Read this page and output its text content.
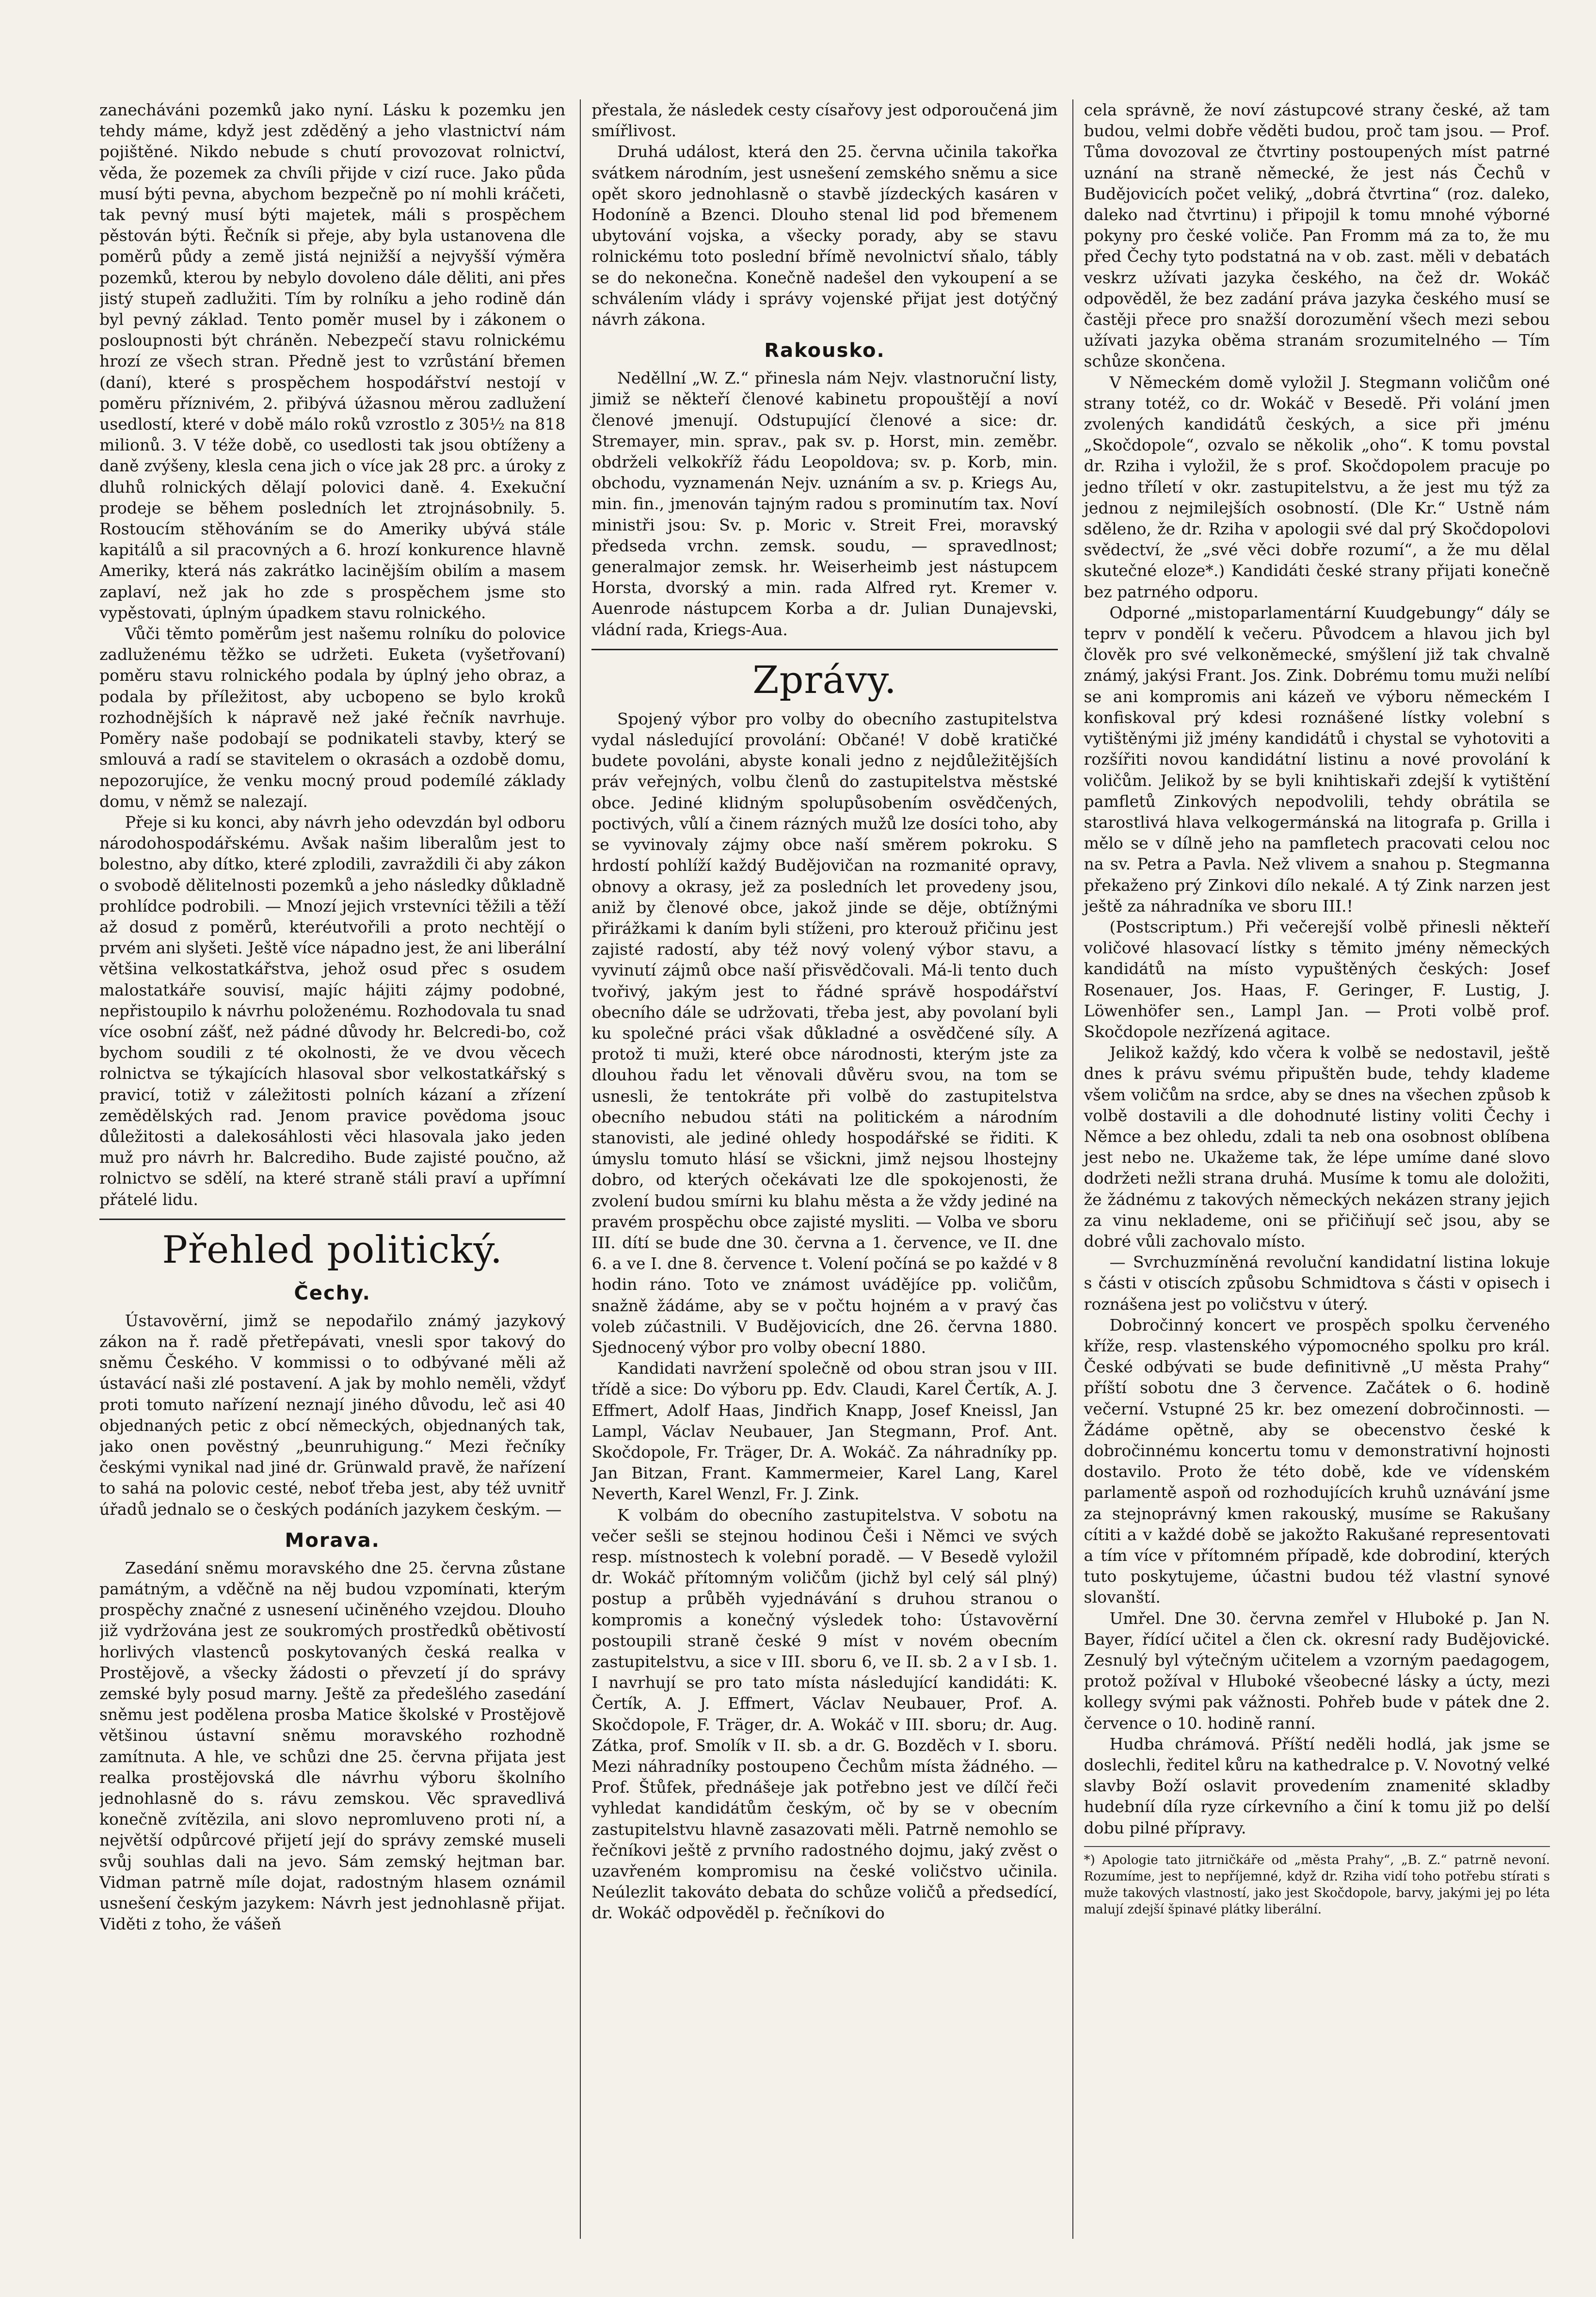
zanecháváni pozemků jako nyní. Lásku k pozemku jen tehdy máme, když jest zděděný a jeho vlastnictví nám pojištěné. Nikdo nebude s chutí provozovat rolnictví, věda, že pozemek za chvíli přijde v cizí ruce. Jako půda musí býti pevna, abychom bezpečně po ní mohli kráčeti, tak pevný musí býti majetek, máli s prospěchem pěstován býti. Řečník si přeje, aby byla ustanovena dle poměrů půdy a země jistá nejnižší a nejvyšší výměra pozemků, kterou by nebylo dovoleno dále děliti, ani přes jistý stupeň zadlužiti. Tím by rolníku a jeho rodině dán byl pevný základ. Tento poměr musel by i zákonem o posloupnosti být chráněn. Nebezpečí stavu rolnickému hrozí ze všech stran. Předně jest to vzrůstání břemen (daní), které s prospěchem hospodářství nestojí v poměru příznivém, 2. přibývá úžasnou měrou zadlužení usedlostí, které v době málo roků vzrostlo z 305½ na 818 milionů. 3. V téže době, co usedlosti tak jsou obtíženy a daně zvýšeny, klesla cena jich o více jak 28 prc. a úroky z dluhů rolnických dělají polovici daně. 4. Exekuční prodeje se během posledních let ztrojnásobnily. 5. Rostoucím stěhováním se do Ameriky ubývá stále kapitálů a sil pracovných a 6. hrozí konkurence hlavně Ameriky, která nás zakrátko lacinějším obilím a masem zaplaví, než jak ho zde s prospěchem jsme sto vypěstovati, úplným úpadkem stavu rolnického.

Vůči těmto poměrům jest našemu rolníku do polovice zadluženému těžko se udržeti. Euketa (vyšetřovaní) poměru stavu rolnického podala by úplný jeho obraz, a podala by příležitost, aby ucbopeno se bylo kroků rozhodnějších k nápravě než jaké řečník navrhuje. Poměry naše podobají se podnikateli stavby, který se smlouvá a radí se stavitelem o okrasách a ozdobě domu, nepozorujíce, že venku mocný proud podemílé základy domu, v němž se nalezají.

Přeje si ku konci, aby návrh jeho odevzdán byl odboru národohospodářskému. Avšak našim liberalům jest to bolestno, aby dítko, které zplodili, zavraždili či aby zákon o svobodě dělitelnosti pozemků a jeho následky důkladně prohlídce podrobili. — Mnozí jejich vrstevníci těžili a těží až dosud z poměrů, kteréutvořili a proto nechtějí o prvém ani slyšeti. Ještě více nápadno jest, že ani liberální většina velkostatkářstva, jehož osud přec s osudem malostatkáře souvisí, majíc hájiti zájmy podobné, nepřistoupilo k návrhu položenému. Rozhodovala tu snad více osobní zášť, než pádné důvody hr. Belcredi-bo, což bychom soudili z té okolnosti, že ve dvou věcech rolnictva se týkajících hlasoval sbor velkostatkářský s pravicí, totiž v záležitosti polních kázaní a zřízení zemědělských rad. Jenom pravice povědoma jsouc důležitosti a dalekosáhlosti věci hlasovala jako jeden muž pro návrh hr. Balcrediho. Bude zajisté poučno, až rolnictvo se sdělí, na které straně stáli praví a upřímní přátelé lidu.

Přehled politický.
Čechy.

Ústavověrní, jimž se nepodařilo známý jazykový zákon na ř. radě přetřepávati, vnesli spor takový do sněmu Českého. V kommissi o to odbývané měli až ústavácí naši zlé postavení. A jak by mohlo neměli, vždyť proti tomuto nařízení neznají jiného důvodu, leč asi 40 objednaných petic z obcí německých, objednaných tak, jako onen pověstný „beunruhigung.“ Mezi řečníky českými vynikal nad jiné dr. Grünwald pravě, že nařízení to sahá na polovic cesté, neboť třeba jest, aby též uvnitř úřadů jednalo se o českých podáních jazykem českým. —

Morava.

Zasedání sněmu moravského dne 25. června zůstane památným, a vděčně na něj budou vzpomínati, kterým prospěchy značné z usnesení učiněného vzejdou. Dlouho již vydržována jest ze soukromých prostředků obětivostí horlivých vlastenců poskytovaných česká realka v Prostějově, a všecky žádosti o převzetí jí do správy zemské byly posud marny. Ještě za předešlého zasedání sněmu jest podělena prosba Matice školské v Prostějově většinou ústavní sněmu moravského rozhodně zamítnuta. A hle, ve schůzi dne 25. června přijata jest realka prostějovská dle návrhu výboru školního jednohlasně do s. rávu zemskou. Věc spravedlivá konečně zvítězila, ani slovo nepromluveno proti ní, a největší odpůrcové přijetí její do správy zemské museli svůj souhlas dali na jevo. Sám zemský hejtman bar. Vidman patrně míle dojat, radostným hlasem oznámil usnešení českým jazykem: Návrh jest jednohlasně přijat. Viděti z toho, že vášeň

přestala, že následek cesty císařovy jest odporoučená jim smířlivost.

Druhá událost, která den 25. června učinila takořka svátkem národním, jest usnešení zemského sněmu a sice opět skoro jednohlasně o stavbě jízdeckých kasáren v Hodoníně a Bzenci. Dlouho stenal lid pod břemenem ubytování vojska, a všecky porady, aby se stavu rolnickému toto poslední břímě nevolnictví sňalo, tábly se do nekonečna. Konečně nadešel den vykoupení a se schválením vlády i správy vojenské přijat jest dotýčný návrh zákona.

Rakousko.

Neděllní „W. Z.“ přinesla nám Nejv. vlastnoruční listy, jimiž se někteří členové kabinetu propouštějí a noví členové jmenují. Odstupující členové a sice: dr. Stremayer, min. sprav., pak sv. p. Horst, min. zeměbr. obdrželi velkokříž řádu Leopoldova; sv. p. Korb, min. obchodu, vyznamenán Nejv. uznáním a sv. p. Kriegs Au, min. fin., jmenován tajným radou s prominutím tax. Noví ministři jsou: Sv. p. Moric v. Streit Frei, moravský předseda vrchn. zemsk. soudu, — spravedlnost; generalmajor zemsk. hr. Weiserheimb jest nástupcem Horsta, dvorský a min. rada Alfred ryt. Kremer v. Auenrode nástupcem Korba a dr. Julian Dunajevski, vládní rada, Kriegs-Aua.

Zprávy.

Spojený výbor pro volby do obecního zastupitelstva vydal následující provolání: Občané! V době kratičké budete povoláni, abyste konali jedno z nejdůležitějších práv veřejných, volbu členů do zastupitelstva městské obce. Jediné klidným spolupůsobením osvědčených, poctivých, vůlí a činem rázných mužů lze dosíci toho, aby se vyvinovaly zájmy obce naší směrem pokroku. S hrdostí pohlíží každý Budějovičan na rozmanité opravy, obnovy a okrasy, jež za posledních let provedeny jsou, aniž by členové obce, jakož jinde se děje, obtížnými přirážkami k daním byli stíženi, pro kterouž přičinu jest zajisté radostí, aby též nový volený výbor stavu, a vyvinutí zájmů obce naší přisvědčovali. Má-li tento duch tvořivý, jakým jest to řádné správě hospodářství obecního dále se udržovati, třeba jest, aby povolaní byli ku společné práci však důkladné a osvědčené síly. A protož ti muži, které obce národnosti, kterým jste za dlouhou řadu let věnovali důvěru svou, na tom se usnesli, že tentokráte při volbě do zastupitelstva obecního nebudou státi na politickém a národním stanovisti, ale jediné ohledy hospodářské se řiditi. K úmyslu tomuto hlásí se všickni, jimž nejsou lhostejny dobro, od kterých očekávati lze dle spokojenosti, že zvolení budou smírni ku blahu města a že vždy jediné na pravém prospěchu obce zajisté mysliti. — Volba ve sboru III. dítí se bude dne 30. června a 1. července, ve II. dne 6. a ve I. dne 8. července t. Volení počíná se po každé v 8 hodin ráno. Toto ve známost uvádějíce pp. voličům, snažně žádáme, aby se v počtu hojném a v pravý čas voleb zúčastnili. V Budějovicích, dne 26. června 1880. Sjednocený výbor pro volby obecní 1880.

Kandidati navržení společně od obou stran jsou v III. třídě a sice: Do výboru pp. Edv. Claudi, Karel Čertík, A. J. Effmert, Adolf Haas, Jindřich Knapp, Josef Kneissl, Jan Lampl, Václav Neubauer, Jan Stegmann, Prof. Ant. Skočdopole, Fr. Träger, Dr. A. Wokáč. Za náhradníky pp. Jan Bitzan, Frant. Kammermeier, Karel Lang, Karel Neverth, Karel Wenzl, Fr. J. Zink.

K volbám do obecního zastupitelstva. V sobotu na večer sešli se stejnou hodinou Češi i Němci ve svých resp. místnostech k volební poradě. — V Besedě vyložil dr. Wokáč přítomným voličům (jichž byl celý sál plný) postup a průběh vyjednávání s druhou stranou o kompromis a konečný výsledek toho: Ústavověrní postoupili straně české 9 míst v novém obecním zastupitelstvu, a sice v III. sboru 6, ve II. sb. 2 a v I sb. 1. I navrhují se pro tato místa následující kandidáti: K. Čertík, A. J. Effmert, Václav Neubauer, Prof. A. Skočdopole, F. Träger, dr. A. Wokáč v III. sboru; dr. Aug. Zátka, prof. Smolík v II. sb. a dr. G. Bozděch v I. sboru. Mezi náhradníky postoupeno Čechům místa žádného. — Prof. Štůfek, přednášeje jak potřebno jest ve dílčí řeči vyhledat kandidátům českým, oč by se v obecním zastupitelstvu hlavně zasazovati měli. Patrně nemohlo se řečníkovi ještě z prvního radostného dojmu, jaký zvěst o uzavřeném kompromisu na české voličstvo učinila. Neúlezlit takováto debata do schůze voličů a předsedící, dr. Wokáč odpověděl p. řečníkovi do

cela správně, že noví zástupcové strany české, až tam budou, velmi dobře věděti budou, proč tam jsou. — Prof. Tůma dovozoval ze čtvrtiny postoupených míst patrné uznání na straně německé, že jest nás Čechů v Budějovicích počet veliký, „dobrá čtvrtina“ (roz. daleko, daleko nad čtvrtinu) i připojil k tomu mnohé výborné pokyny pro české voliče. Pan Fromm má za to, že mu před Čechy tyto podstatná na v ob. zast. měli v debatách veskrz užívati jazyka českého, na čež dr. Wokáč odpověděl, že bez zadání práva jazyka českého musí se častěji přece pro snažší dorozumění všech mezi sebou užívati jazyka oběma stranám srozumitelného — Tím schůze skončena.

V Německém domě vyložil J. Stegmann voličům oné strany totéž, co dr. Wokáč v Besedě. Při volání jmen zvolených kandidátů českých, a sice při jménu „Skočdopole“, ozvalo se několik „oho“. K tomu povstal dr. Rziha i vyložil, že s prof. Skočdopolem pracuje po jedno tříletí v okr. zastupitelstvu, a že jest mu týž za jednou z nejmilejších osobností. (Dle Kr.“ Ustně nám sděleno, že dr. Rziha v apologii své dal prý Skočdopolovi svědectví, že „své věci dobře rozumí“, a že mu dělal skutečné eloze*.) Kandidáti české strany přijati konečně bez patrného odporu.

Odporné „mistoparlamentární Kuudgebungy“ dály se teprv v pondělí k večeru. Původcem a hlavou jich byl člověk pro své velkoněmecké, smýšlení již tak chvalně známý, jakýsi Frant. Jos. Zink. Dobrému tomu muži nelíbí se ani kompromis ani kázeň ve výboru německém I konfiskoval prý kdesi roznášené lístky volební s vytištěnými již jmény kandidátů i chystal se vyhotoviti a rozšířiti novou kandidátní listinu a nové provolání k voličům. Jelikož by se byli knihtiskaři zdejší k vytištění pamfletů Zinkových nepodvolili, tehdy obrátila se starostlivá hlava velkogermánská na litografa p. Grilla i mělo se v dílně jeho na pamfletech pracovati celou noc na sv. Petra a Pavla. Než vlivem a snahou p. Stegmanna překaženo prý Zinkovi dílo nekalé. A tý Zink narzen jest ještě za náhradníka ve sboru III.!

(Postscriptum.) Při večerejší volbě přinesli někteří voličové hlasovací lístky s těmito jmény německých kandidátů na místo vypuštěných českých: Josef Rosenauer, Jos. Haas, F. Geringer, F. Lustig, J. Löwenhöfer sen., Lampl Jan. — Proti volbě prof. Skočdopole nezřízená agitace.

Jelikož každý, kdo včera k volbě se nedostavil, ještě dnes k právu svému připuštěn bude, tehdy klademe všem voličům na srdce, aby se dnes na všechen způsob k volbě dostavili a dle dohodnuté listiny voliti Čechy i Němce a bez ohledu, zdali ta neb ona osobnost oblíbena jest nebo ne. Ukažeme tak, že lépe umíme dané slovo dodržeti nežli strana druhá. Musíme k tomu ale doložiti, že žádnému z takových německých nekázen strany jejich za vinu neklademe, oni se přičiňují seč jsou, aby se dobré vůli zachovalo místo.

— Svrchuzmíněná revoluční kandidatní listina lokuje s části v otiscích způsobu Schmidtova s části v opisech i roznášena jest po voličstvu v úterý.

Dobročinný koncert ve prospěch spolku červeného kříže, resp. vlastenského výpomocného spolku pro král. České odbývati se bude definitivně „U města Prahy“ příští sobotu dne 3 července. Začátek o 6. hodině večerní. Vstupné 25 kr. bez omezení dobročinnosti. — Žádáme opětně, aby se obecenstvo české k dobročinnému koncertu tomu v demonstrativní hojnosti dostavilo. Proto že této době, kde ve vídenském parlamentě aspoň od rozhodujících kruhů uznávání jsme za stejnoprávný kmen rakouský, musíme se Rakušany cítiti a v každé době se jakožto Rakušané representovati a tím více v přítomném případě, kde dobrodiní, kterých tuto poskytujeme, účastni budou též vlastní synové slovanští.

Umřel. Dne 30. června zemřel v Hluboké p. Jan N. Bayer, řídící učitel a člen ck. okresní rady Budějovické. Zesnulý byl výtečným učitelem a vzorným paedagogem, protož požíval v Hluboké všeobecné lásky a úcty, mezi kollegy svými pak vážnosti. Pohřeb bude v pátek dne 2. července o 10. hodině ranní.

Hudba chrámová. Příští neděli hodlá, jak jsme se doslechli, ředitel kůru na kathedralce p. V. Novotný velké slavby Boží oslavit provedením znamenité skladby hudebníí díla ryze církevního a činí k tomu již po delší dobu pilné přípravy.

*) Apologie tato jitrničkáře od „města Prahy“, „B. Z.“ patrně nevoní. Rozumíme, jest to nepříjemné, když dr. Rziha vidí toho potřebu stírati s muže takových vlastností, jako jest Skočdopole, barvy, jakými jej po léta malují zdejší špinavé plátky liberální.
